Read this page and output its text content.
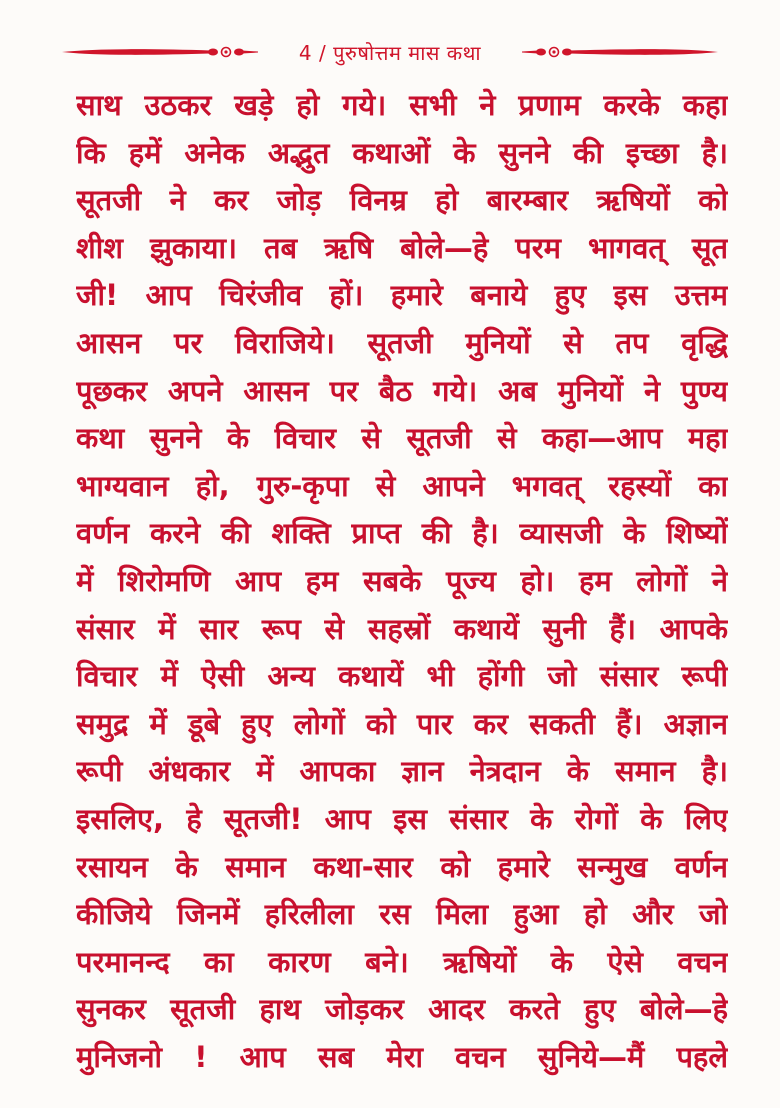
4 / पुरुषोत्तम मास कथा
साथ उठकर खड़े हो गये। सभी ने प्रणाम करके कहा
कि हमें अनेक अद्भुत कथाओं के सुनने की इच्छा है।
सूतजी ने कर जोड़ विनम्र हो बारम्बार ऋषियों को
शीश झुकाया। तब ऋषि बोले—हे परम भागवत् सूत
जी! आप चिरंजीव हों। हमारे बनाये हुए इस उत्तम
आसन पर विराजिये। सूतजी मुनियों से तप वृद्धि
पूछकर अपने आसन पर बैठ गये। अब मुनियों ने पुण्य
कथा सुनने के विचार से सूतजी से कहा—आप महा
भाग्यवान हो, गुरु-कृपा से आपने भगवत् रहस्यों का
वर्णन करने की शक्ति प्राप्त की है। व्यासजी के शिष्यों
में शिरोमणि आप हम सबके पूज्य हो। हम लोगों ने
संसार में सार रूप से सहस्रों कथायें सुनी हैं। आपके
विचार में ऐसी अन्य कथायें भी होंगी जो संसार रूपी
समुद्र में डूबे हुए लोगों को पार कर सकती हैं। अज्ञान
रूपी अंधकार में आपका ज्ञान नेत्रदान के समान है।
इसलिए, हे सूतजी! आप इस संसार के रोगों के लिए
रसायन के समान कथा-सार को हमारे सन्मुख वर्णन
कीजिये जिनमें हरिलीला रस मिला हुआ हो और जो
परमानन्द का कारण बने। ऋषियों के ऐसे वचन
सुनकर सूतजी हाथ जोड़कर आदर करते हुए बोले—हे
मुनिजनो ! आप सब मेरा वचन सुनिये—मैं पहले
